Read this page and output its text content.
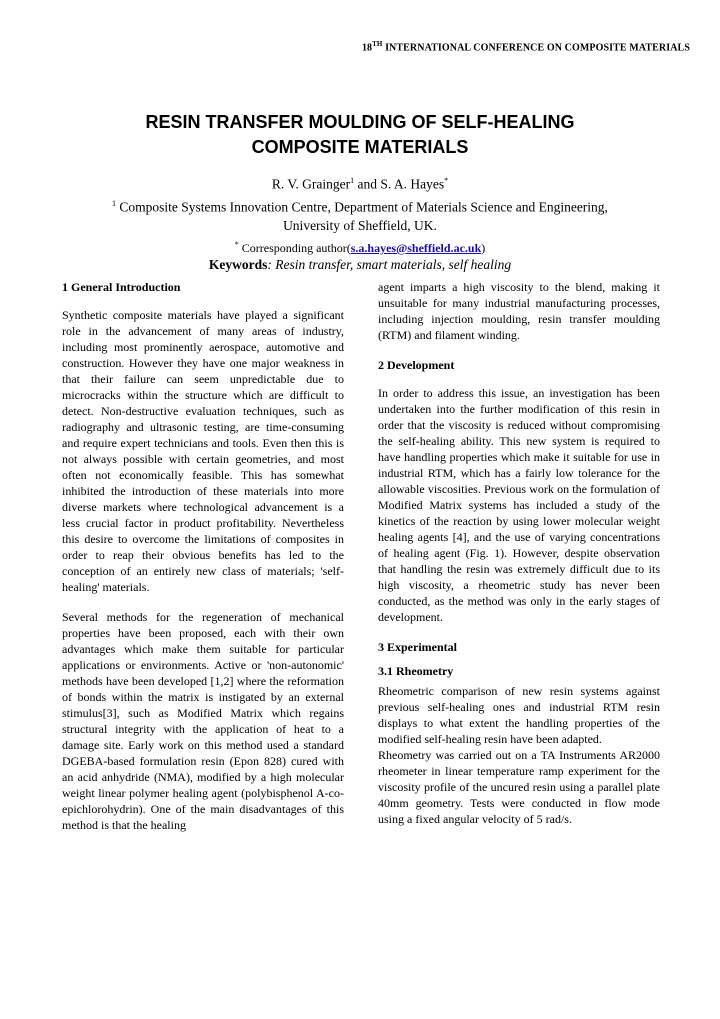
18TH INTERNATIONAL CONFERENCE ON COMPOSITE MATERIALS
RESIN TRANSFER MOULDING OF SELF-HEALING
COMPOSITE MATERIALS
R. V. Grainger$^1$ and S. A. Hayes*
$^1$ Composite Systems Innovation Centre, Department of Materials Science and Engineering,
University of Sheffield, UK.
* Corresponding author(s.a.hayes@sheffield.ac.uk)
Keywords: Resin transfer, smart materials, self healing
1 General Introduction

Synthetic composite materials have played a significant role in the advancement of many areas of industry, including most prominently aerospace, automotive and construction. However they have one major weakness in that their failure can seem unpredictable due to microcracks within the structure which are difficult to detect. Non-destructive evaluation techniques, such as radiography and ultrasonic testing, are time-consuming and require expert technicians and tools. Even then this is not always possible with certain geometries, and most often not economically feasible. This has somewhat inhibited the introduction of these materials into more diverse markets where technological advancement is a less crucial factor in product profitability. Nevertheless this desire to overcome the limitations of composites in order to reap their obvious benefits has led to the conception of an entirely new class of materials; 'self-healing' materials.

Several methods for the regeneration of mechanical properties have been proposed, each with their own advantages which make them suitable for particular applications or environments. Active or 'non-autonomic' methods have been developed [1,2] where the reformation of bonds within the matrix is instigated by an external stimulus[3], such as Modified Matrix which regains structural integrity with the application of heat to a damage site. Early work on this method used a standard DGEBA-based formulation resin (Epon 828) cured with an acid anhydride (NMA), modified by a high molecular weight linear polymer healing agent (polybisphenol A-co-epichlorohydrin). One of the main disadvantages of this method is that the healing

agent imparts a high viscosity to the blend, making it unsuitable for many industrial manufacturing processes, including injection moulding, resin transfer moulding (RTM) and filament winding.

2 Development

In order to address this issue, an investigation has been undertaken into the further modification of this resin in order that the viscosity is reduced without compromising the self-healing ability. This new system is required to have handling properties which make it suitable for use in industrial RTM, which has a fairly low tolerance for the allowable viscosities. Previous work on the formulation of Modified Matrix systems has included a study of the kinetics of the reaction by using lower molecular weight healing agents [4], and the use of varying concentrations of healing agent (Fig. 1). However, despite observation that handling the resin was extremely difficult due to its high viscosity, a rheometric study has never been conducted, as the method was only in the early stages of development.

3 Experimental
3.1 Rheometry

Rheometric comparison of new resin systems against previous self-healing ones and industrial RTM resin displays to what extent the handling properties of the modified self-healing resin have been adapted.

Rheometry was carried out on a TA Instruments AR2000 rheometer in linear temperature ramp experiment for the viscosity profile of the uncured resin using a parallel plate 40mm geometry. Tests were conducted in flow mode using a fixed angular velocity of 5 rad/s.
